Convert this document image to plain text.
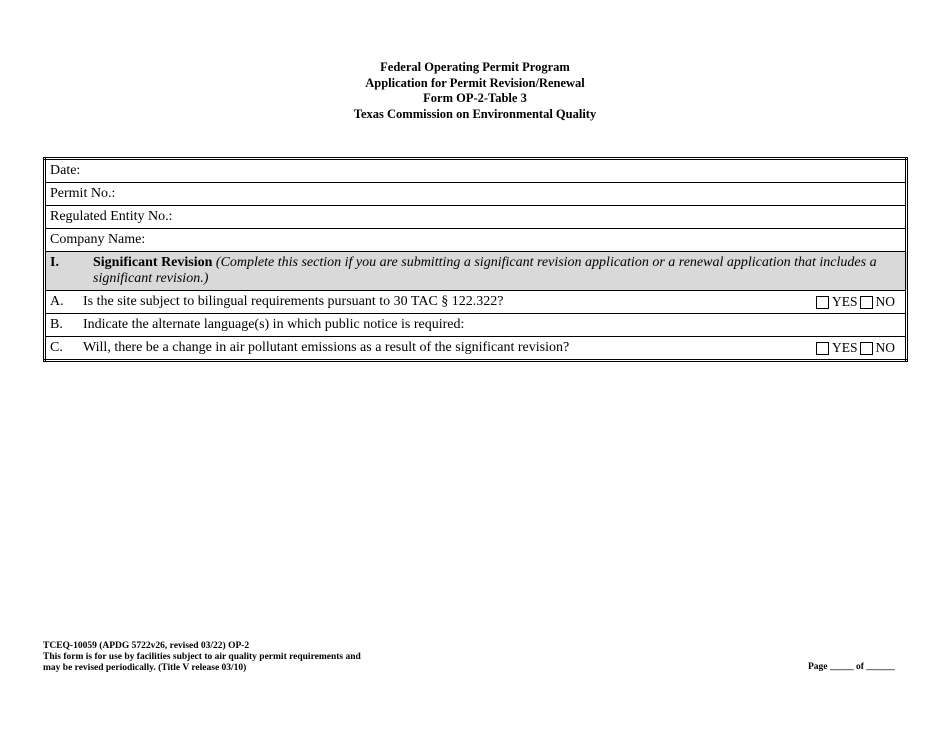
Federal Operating Permit Program
Application for Permit Revision/Renewal
Form OP-2-Table 3
Texas Commission on Environmental Quality
Date:
Permit No.:
Regulated Entity No.:
Company Name:

I.	Significant Revision (Complete this section if you are submitting a significant revision application or a renewal application that includes a significant revision.)

A.	Is the site subject to bilingual requirements pursuant to 30 TAC § 122.322?	YES NO

B.	Indicate the alternate language(s) in which public notice is required:

C.	Will, there be a change in air pollutant emissions as a result of the significant revision?	YES NO
TCEQ-10059 (APDG 5722v26, revised 03/22) OP-2
This form is for use by facilities subject to air quality permit requirements and
may be revised periodically. (Title V release 03/10)	Page _____ of ______
